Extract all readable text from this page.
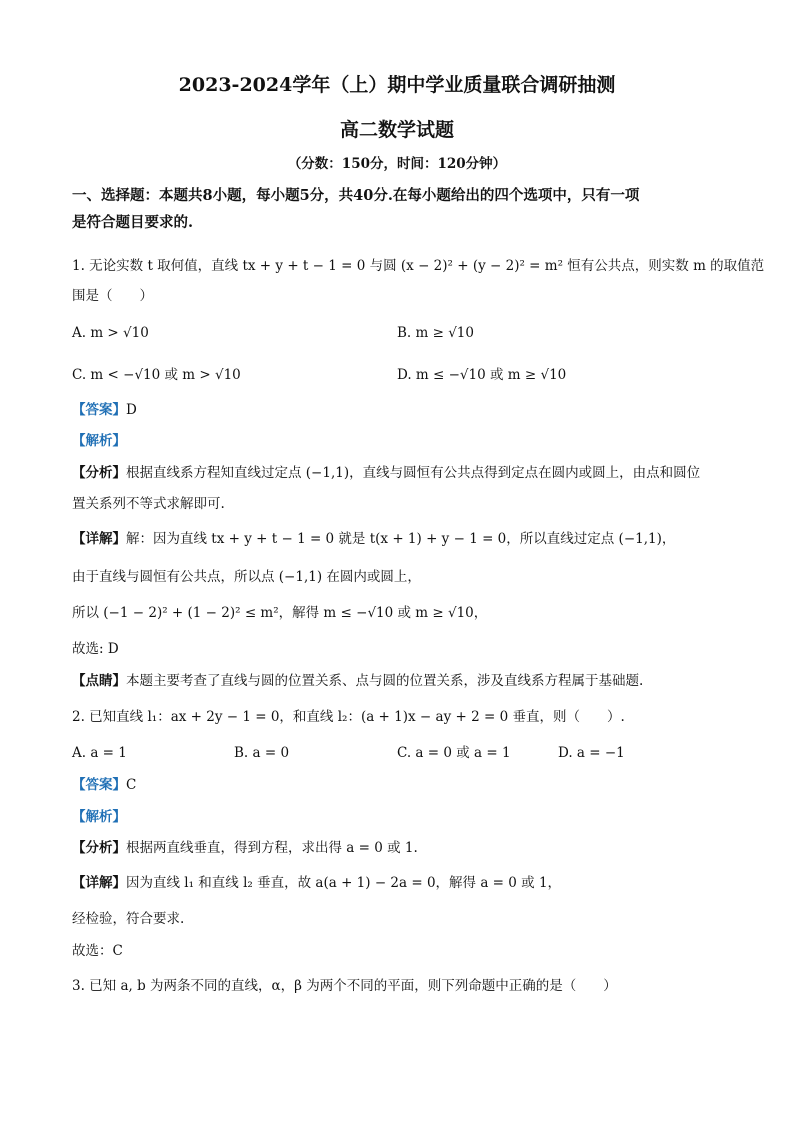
2023-2024学年（上）期中学业质量联合调研抽测
高二数学试题
（分数：150分，时间：120分钟）
一、选择题：本题共8小题，每小题5分，共40分.在每小题给出的四个选项中，只有一项
是符合题目要求的.
1. 无论实数 t 取何值，直线 tx + y + t − 1 = 0 与圆 (x − 2)² + (y − 2)² = m² 恒有公共点，则实数 m 的取值范
围是（　　）
A. m > √10	B. m ≥ √10
C. m < −√10 或 m > √10	D. m ≤ −√10 或 m ≥ √10
【答案】D
【解析】
【分析】根据直线系方程知直线过定点 (−1,1)，直线与圆恒有公共点得到定点在圆内或圆上，由点和圆位
置关系列不等式求解即可.
【详解】解：因为直线 tx + y + t − 1 = 0 就是 t(x + 1) + y − 1 = 0，所以直线过定点 (−1,1)，
由于直线与圆恒有公共点，所以点 (−1,1) 在圆内或圆上，
所以 (−1 − 2)² + (1 − 2)² ≤ m²，解得 m ≤ −√10 或 m ≥ √10，
故选: D
【点睛】本题主要考查了直线与圆的位置关系、点与圆的位置关系，涉及直线系方程属于基础题.
2. 已知直线 l₁：ax + 2y − 1 = 0，和直线 l₂：(a + 1)x − ay + 2 = 0 垂直，则（　　）.
A. a = 1	B. a = 0	C. a = 0 或 a = 1	D. a = −1
【答案】C
【解析】
【分析】根据两直线垂直，得到方程，求出得 a = 0 或 1.
【详解】因为直线 l₁ 和直线 l₂ 垂直，故 a(a + 1) − 2a = 0，解得 a = 0 或 1，
经检验，符合要求.
故选：C
3. 已知 a, b 为两条不同的直线，α，β 为两个不同的平面，则下列命题中正确的是（　　）
